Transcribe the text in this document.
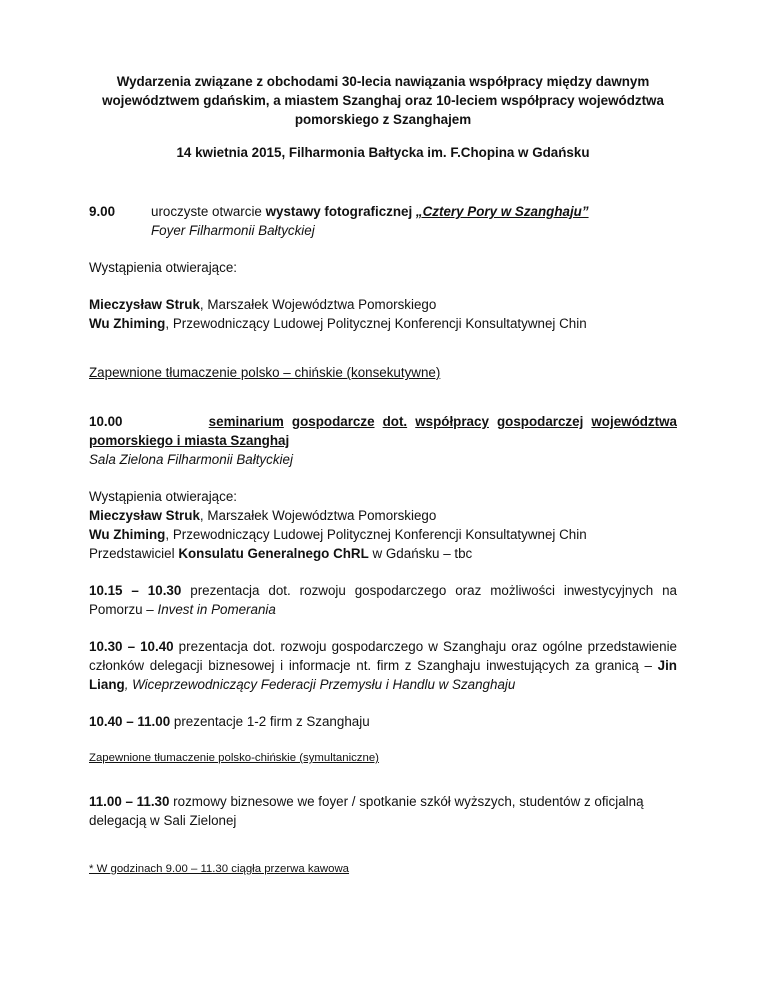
Wydarzenia związane z obchodami 30-lecia nawiązania współpracy między dawnym województwem gdańskim, a miastem Szanghaj oraz 10-leciem współpracy województwa pomorskiego z Szanghajem

14 kwietnia 2015, Filharmonia Bałtycka im. F.Chopina w Gdańsku

9.00	uroczyste otwarcie wystawy fotograficznej „Cztery Pory w Szanghaju”
Foyer Filharmonii Bałtyckiej

Wystąpienia otwierające:

Mieczysław Struk, Marszałek Województwa Pomorskiego
Wu Zhiming, Przewodniczący Ludowej Politycznej Konferencji Konsultatywnej Chin

Zapewnione tłumaczenie polsko – chińskie (konsekutywne)

10.00	seminarium gospodarcze dot. współpracy gospodarczej województwa
pomorskiego i miasta Szanghaj
Sala Zielona Filharmonii Bałtyckiej
Wystąpienia otwierające:
Mieczysław Struk, Marszałek Województwa Pomorskiego
Wu Zhiming, Przewodniczący Ludowej Politycznej Konferencji Konsultatywnej Chin
Przedstawiciel Konsulatu Generalnego ChRL w Gdańsku – tbc

10.15 – 10.30 prezentacja dot. rozwoju gospodarczego oraz możliwości inwestycyjnych na Pomorzu – Invest in Pomerania

10.30 – 10.40 prezentacja dot. rozwoju gospodarczego w Szanghaju oraz ogólne przedstawienie członków delegacji biznesowej i informacje nt. firm z Szanghaju inwestujących za granicą – Jin Liang, Wiceprzewodniczący Federacji Przemysłu i Handlu w Szanghaju

10.40 – 11.00 prezentacje 1-2 firm z Szanghaju

Zapewnione tłumaczenie polsko-chińskie (symultaniczne)

11.00 – 11.30 rozmowy biznesowe we foyer / spotkanie szkół wyższych, studentów z oficjalną delegacją w Sali Zielonej

* W godzinach 9.00 – 11.30 ciągła przerwa kawowa
